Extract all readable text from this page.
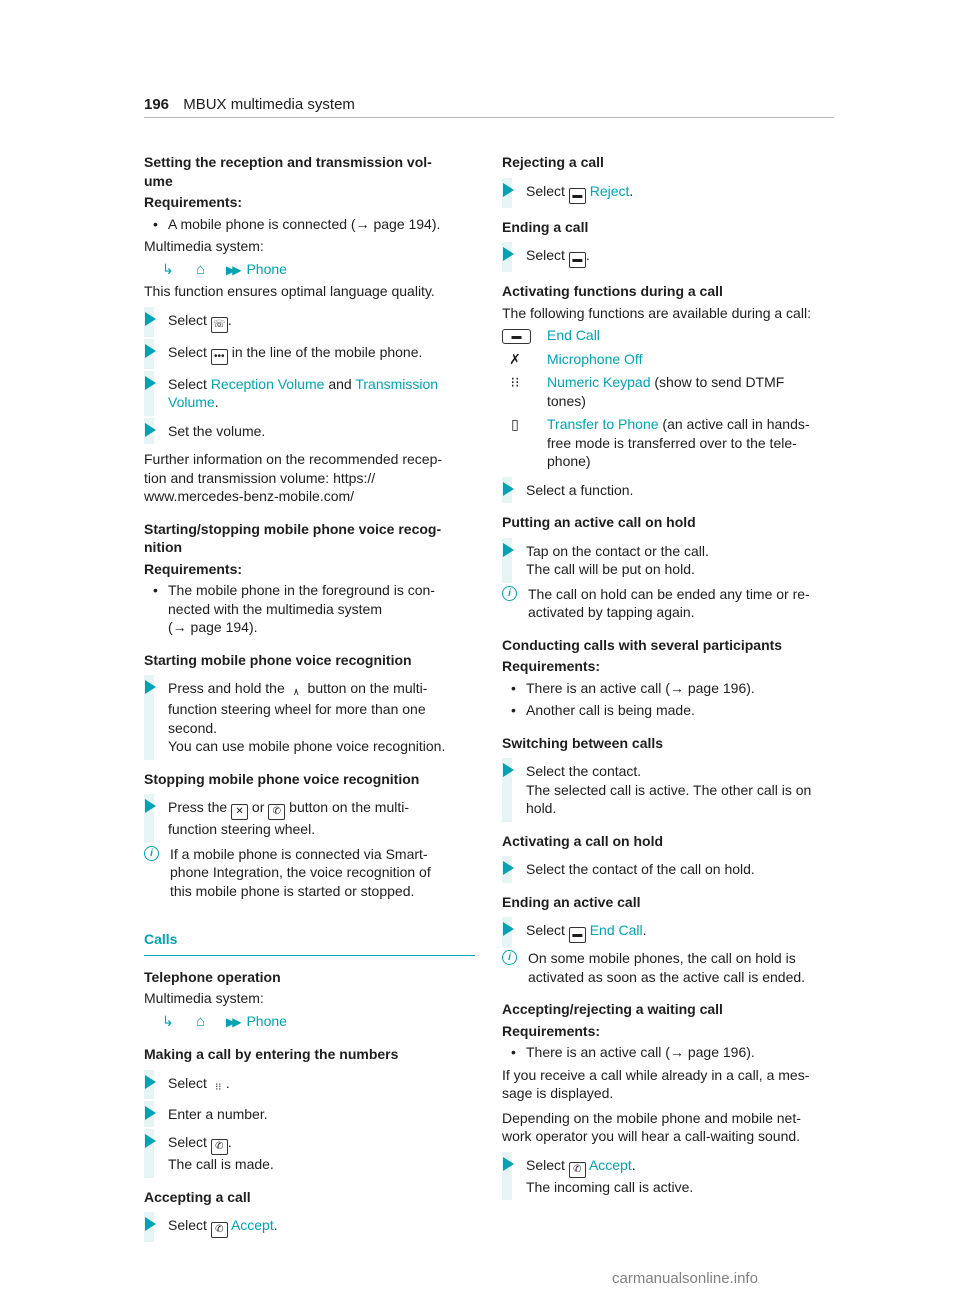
196 MBUX multimedia system
Setting the reception and transmission vol-
ume
Requirements:
• A mobile phone is connected (→ page 194).
Multimedia system:
↳ ⌂ ▶▶ Phone
This function ensures optimal language quality.
Select ☏ .
Select ••• in the line of the mobile phone.
Select Reception Volume and Transmission Volume.
Set the volume.
Further information on the recommended recep-
tion and transmission volume: https://
www.mercedes-benz-mobile.com/
Starting/stopping mobile phone voice recog-
nition
Requirements:
• The mobile phone in the foreground is con-
nected with the multimedia system
(→ page 194).
Starting mobile phone voice recognition
Press and hold the ۸ button on the multi-
function steering wheel for more than one
second.
You can use mobile phone voice recognition.
Stopping mobile phone voice recognition
Press the ✕ or ✆ button on the multi-
function steering wheel.
i	If a mobile phone is connected via Smart-
phone Integration, the voice recognition of
this mobile phone is started or stopped.
Calls
Telephone operation
Multimedia system:
↳ ⌂ ▶▶ Phone
Making a call by entering the numbers
Select ⁝⁝ .
Enter a number.
Select ✆ .
The call is made.
Accepting a call
Select ✆ Accept.
Rejecting a call
Select ▬ Reject.
Ending a call
Select ▬ .
Activating functions during a call
The following functions are available during a call:
▬	End Call
✗	Microphone Off
⁝⁝	Numeric Keypad (show to send DTMF
tones)
▯	Transfer to Phone (an active call in hands-
free mode is transferred over to the tele-
phone)
Select a function.
Putting an active call on hold
Tap on the contact or the call.
The call will be put on hold.
i	The call on hold can be ended any time or re-
activated by tapping again.
Conducting calls with several participants
Requirements:
• There is an active call (→ page 196).
• Another call is being made.
Switching between calls
Select the contact.
The selected call is active. The other call is on
hold.
Activating a call on hold
Select the contact of the call on hold.
Ending an active call
Select ▬ End Call.
i	On some mobile phones, the call on hold is
activated as soon as the active call is ended.
Accepting/rejecting a waiting call
Requirements:
• There is an active call (→ page 196).
If you receive a call while already in a call, a mes-
sage is displayed.
Depending on the mobile phone and mobile net-
work operator you will hear a call-waiting sound.
Select ✆ Accept.
The incoming call is active.
carmanualsonline.info
